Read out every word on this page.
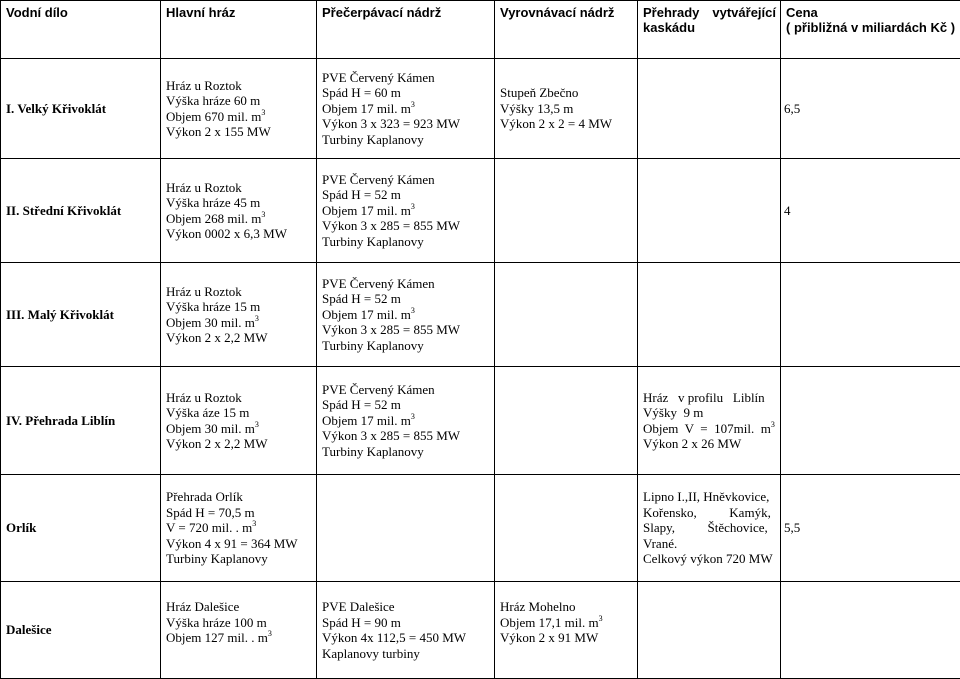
Vodní dílo	Hlavní hráz	Přečerpávací nádrž	Vyrovnávací nádrž	Přehrady vytvářející
kaskádu	Cena
( přibližná v miliardách Kč )

I. Velký Křivoklát	Hráz u Roztok
Výška hráze 60 m
Objem 670 mil. $m^3$
Výkon 2 x 155 MW	PVE Červený Kámen
Spád H = 60 m
Objem 17 mil. $m^3$
Výkon 3 x 323 = 923 MW
Turbiny Kaplanovy	Stupeň Zbečno
Výšky 13,5 m
Výkon 2 x 2 = 4 MW		6,5
II. Střední Křivoklát	Hráz u Roztok
Výška hráze 45 m
Objem 268 mil. $m^3$
Výkon 0002 x 6,3 MW	PVE Červený Kámen
Spád H = 52 m
Objem 17 mil. $m^3$
Výkon 3 x 285 = 855 MW
Turbiny Kaplanovy			4
III. Malý Křivoklát	Hráz u Roztok
Výška hráze 15 m
Objem 30 mil. $m^3$
Výkon 2 x 2,2 MW	PVE Červený Kámen
Spád H = 52 m
Objem 17 mil. $m^3$
Výkon 3 x 285 = 855 MW
Turbiny Kaplanovy			

IV. Přehrada Liblín	Hráz u Roztok
Výška áze 15 m
Objem 30 mil. $m^3$
Výkon 2 x 2,2 MW	PVE Červený Kámen
Spád H = 52 m
Objem 17 mil. $m^3$
Výkon 3 x 285 = 855 MW
Turbiny Kaplanovy		Hráz   v profilu   Liblín
Výšky  9 m
Objem  V  =  107mil.  $m^3$
Výkon 2 x 26 MW	

Orlík	Přehrada Orlík
Spád H = 70,5 m
V = 720 mil. . $m^3$
Výkon 4 x 91 = 364 MW
Turbiny Kaplanovy			Lipno I.,II, Hněvkovice,
Kořensko,          Kamýk,
Slapy,          Štěchovice,
Vrané.
Celkový výkon 720 MW	5,5
Dalešice	Hráz Dalešice
Výška hráze 100 m
Objem 127 mil. . $m^3$	PVE Dalešice
Spád H = 90 m
Výkon 4x 112,5 = 450 MW
Kaplanovy turbiny	Hráz Mohelno
Objem 17,1 mil. $m^3$
Výkon 2 x 91 MW		
